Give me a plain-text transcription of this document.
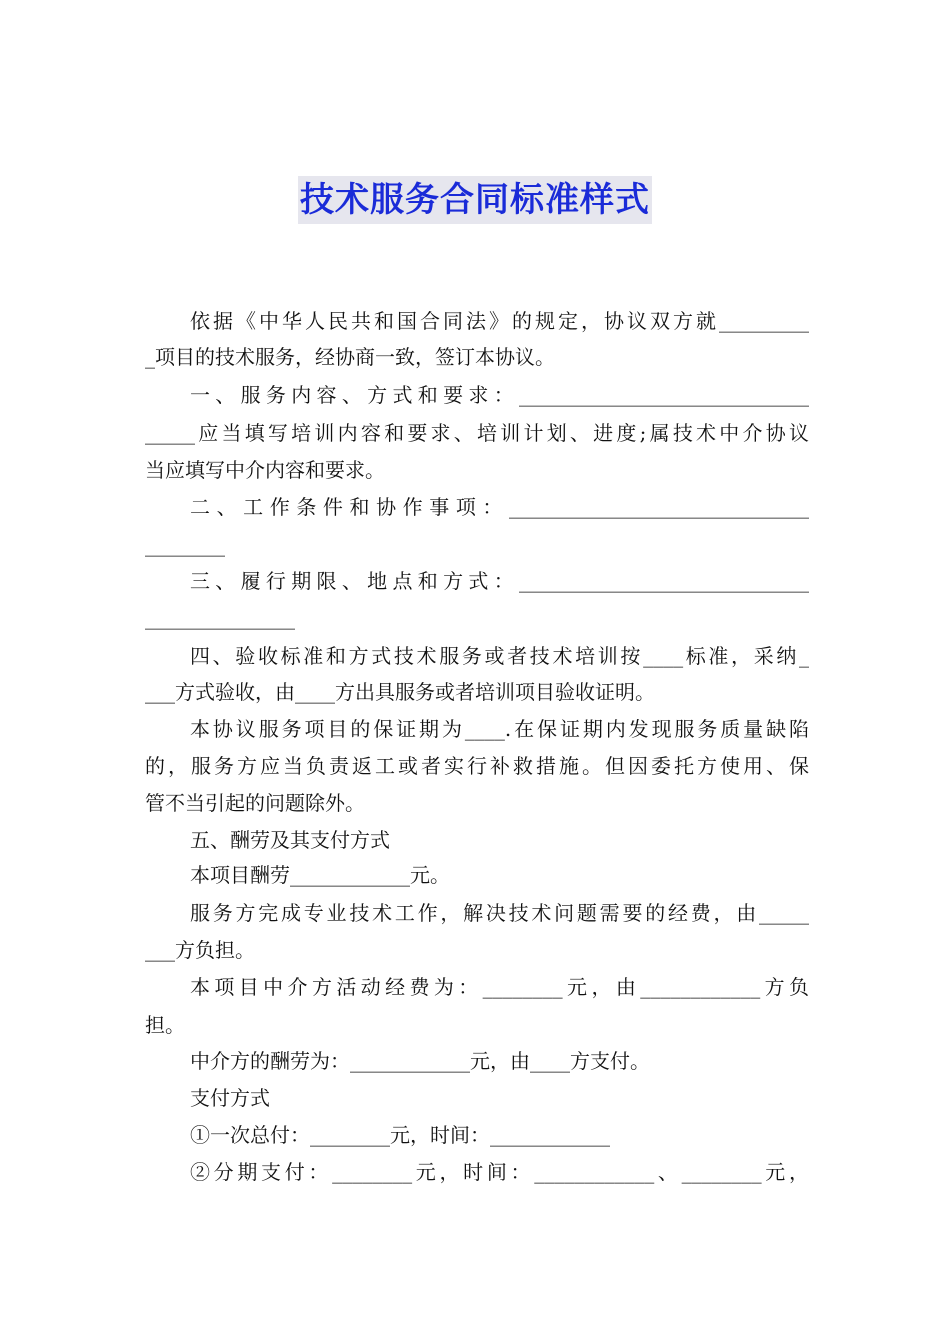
技术服务合同标准样式
依据《中华人民共和国合同法》的规定，协议双方就_________
_项目的技术服务，经协商一致，签订本协议。
一、服务内容、方式和要求：_____________________________
_____应当填写培训内容和要求、培训计划、进度;属技术中介协议
当应填写中介内容和要求。
二、工作条件和协作事项：______________________________
________
三、履行期限、地点和方式：_____________________________
_______________
四、验收标准和方式技术服务或者技术培训按____标准，采纳_
___方式验收，由____方出具服务或者培训项目验收证明。
本协议服务项目的保证期为____.在保证期内发现服务质量缺陷
的，服务方应当负责返工或者实行补救措施。但因委托方使用、保
管不当引起的问题除外。
五、酬劳及其支付方式
本项目酬劳____________元。
服务方完成专业技术工作，解决技术问题需要的经费，由_____
___方负担。
本项目中介方活动经费为：________元，由____________方负
担。
中介方的酬劳为：____________元，由____方支付。
支付方式
①一次总付：________元，时间：____________
②分期支付：________元，时间：____________、________元，
